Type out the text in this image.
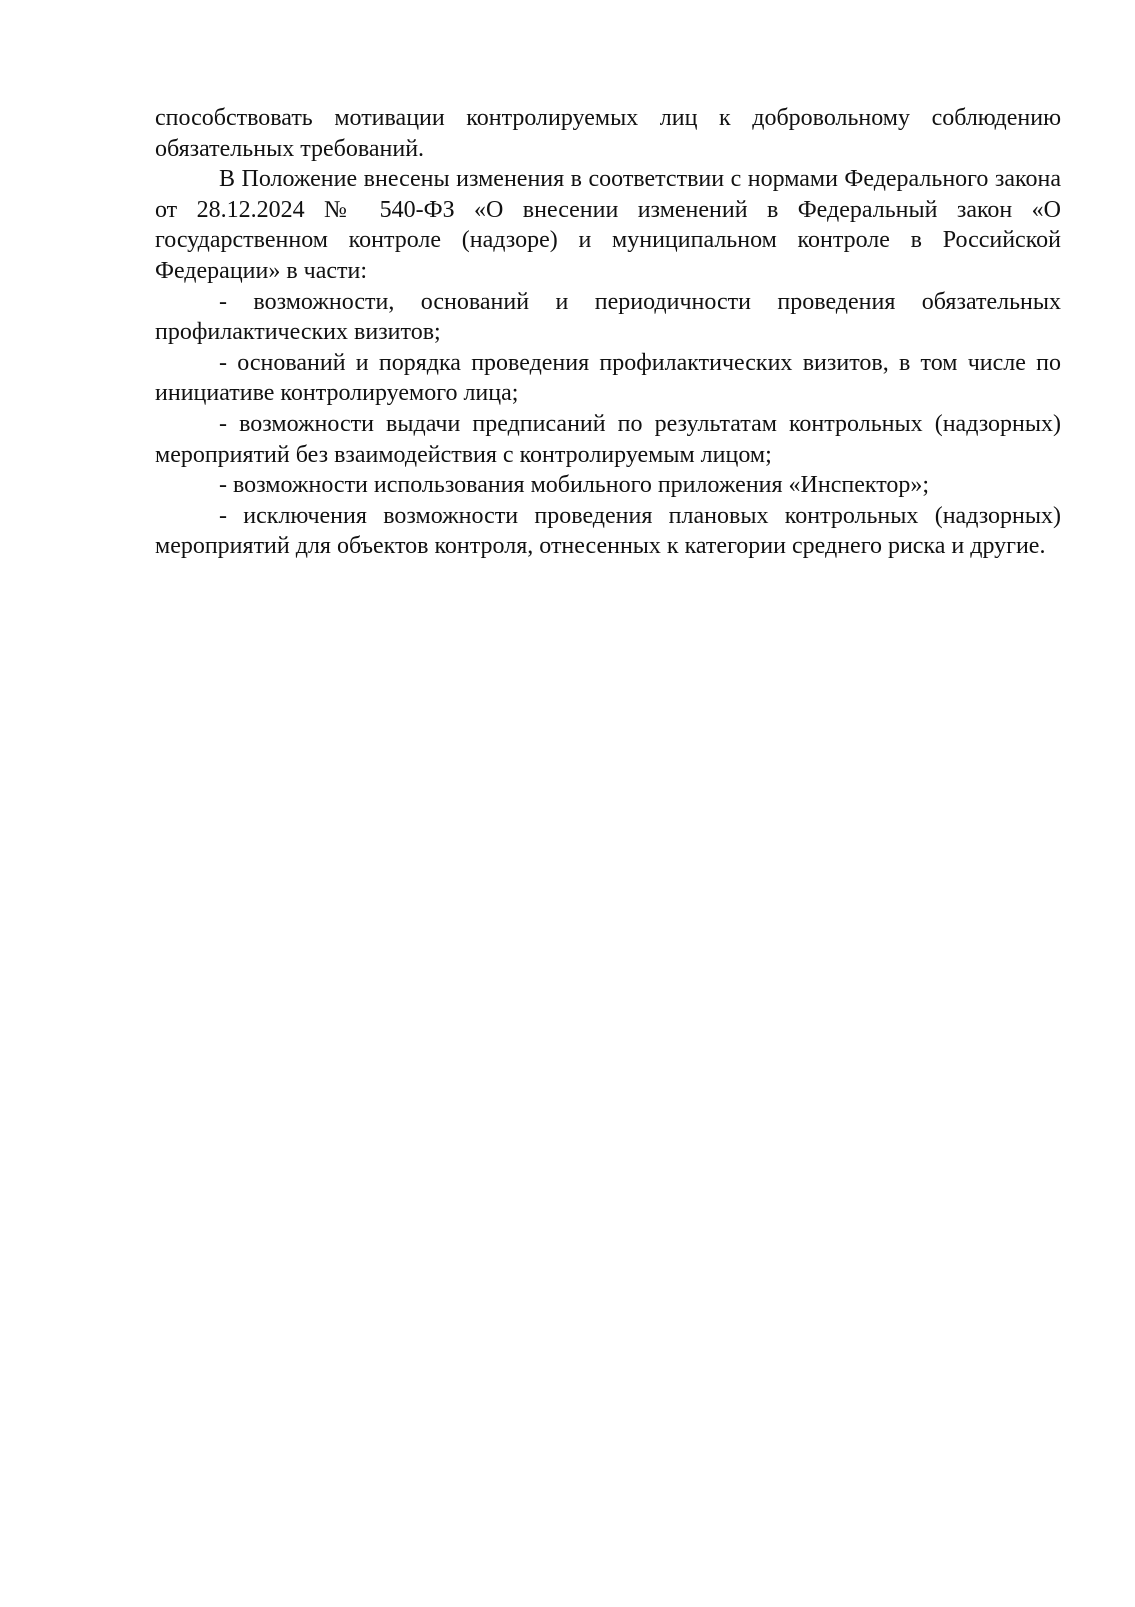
способствовать мотивации контролируемых лиц к добровольному соблюдению обязательных требований.

В Положение внесены изменения в соответствии с нормами Федерального закона от 28.12.2024 № 540-ФЗ «О внесении изменений в Федеральный закон «О государственном контроле (надзоре) и муниципальном контроле в Российской Федерации» в части:

- возможности, оснований и периодичности проведения обязательных профилактических визитов;

- оснований и порядка проведения профилактических визитов, в том числе по инициативе контролируемого лица;

- возможности выдачи предписаний по результатам контрольных (надзорных) мероприятий без взаимодействия с контролируемым лицом;

- возможности использования мобильного приложения «Инспектор»;

- исключения возможности проведения плановых контрольных (надзорных) мероприятий для объектов контроля, отнесенных к категории среднего риска и другие.
